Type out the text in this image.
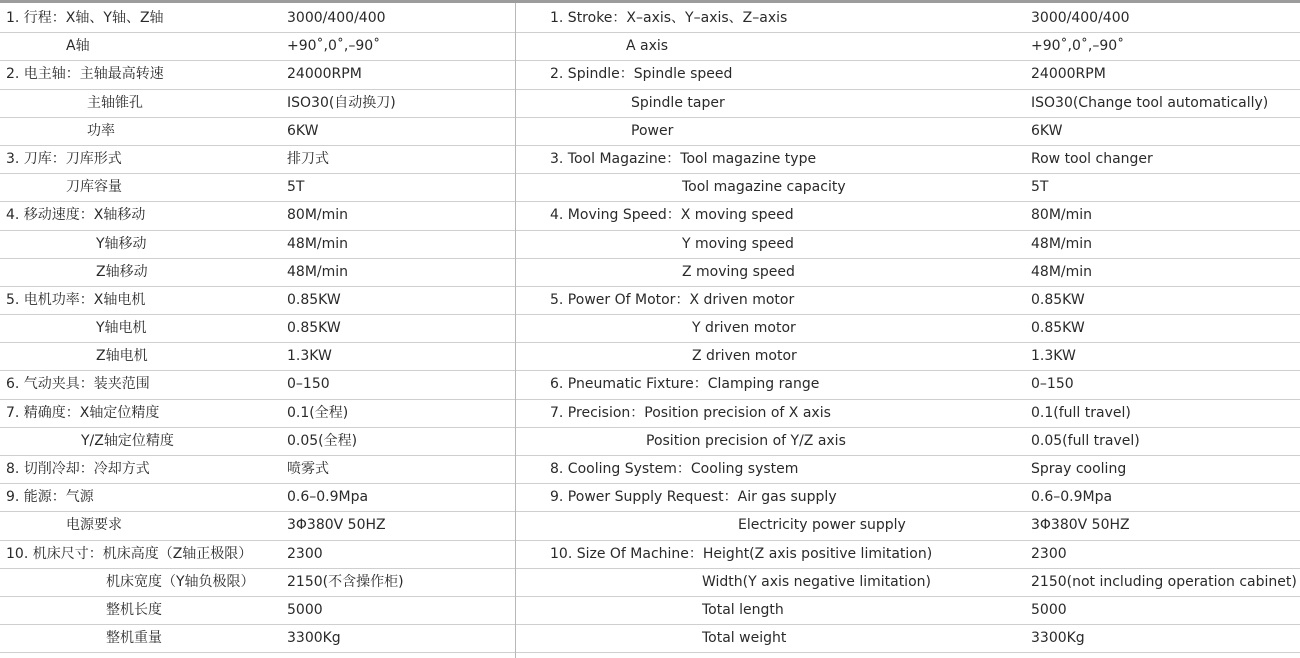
1. 行程：X轴、Y轴、Z轴	3000/400/400
A轴	+90˚,0˚,–90˚
2. 电主轴：主轴最高转速	24000RPM
主轴锥孔	ISO30(自动换刀)
功率	6KW
3. 刀库：刀库形式	排刀式
刀库容量	5T
4. 移动速度：X轴移动	80M/min
Y轴移动	48M/min
Z轴移动	48M/min
5. 电机功率：X轴电机	0.85KW
Y轴电机	0.85KW
Z轴电机	1.3KW
6. 气动夹具：装夹范围	0–150
7. 精确度：X轴定位精度	0.1(全程)
Y/Z轴定位精度	0.05(全程)
8. 切削冷却：冷却方式	喷雾式
9. 能源：气源	0.6–0.9Mpa
电源要求	3Φ380V 50HZ
10. 机床尺寸：机床高度（Z轴正极限） 2300
机床宽度（Y轴负极限） 2150(不含操作柜)
整机长度	5000
整机重量	3300Kg
1. Stroke：X–axis、Y–axis、Z–axis	3000/400/400
A axis	+90˚,0˚,–90˚
2. Spindle：Spindle speed	24000RPM
Spindle taper	ISO30(Change tool automatically)
Power	6KW
3. Tool Magazine：Tool magazine type	Row tool changer
Tool magazine capacity	5T
4. Moving Speed：X moving speed	80M/min
Y moving speed	48M/min
Z moving speed	48M/min
5. Power Of Motor：X driven motor	0.85KW
Y driven motor	0.85KW
Z driven motor	1.3KW
6. Pneumatic Fixture：Clamping range	0–150
7. Precision：Position precision of X axis	0.1(full travel)
Position precision of Y/Z axis	0.05(full travel)
8. Cooling System：Cooling system	Spray cooling
9. Power Supply Request：Air gas supply	0.6–0.9Mpa
Electricity power supply	3Φ380V 50HZ
10. Size Of Machine：Height(Z axis positive limitation)	2300
Width(Y axis negative limitation)	2150(not including operation cabinet)
Total length	5000
Total weight	3300Kg
